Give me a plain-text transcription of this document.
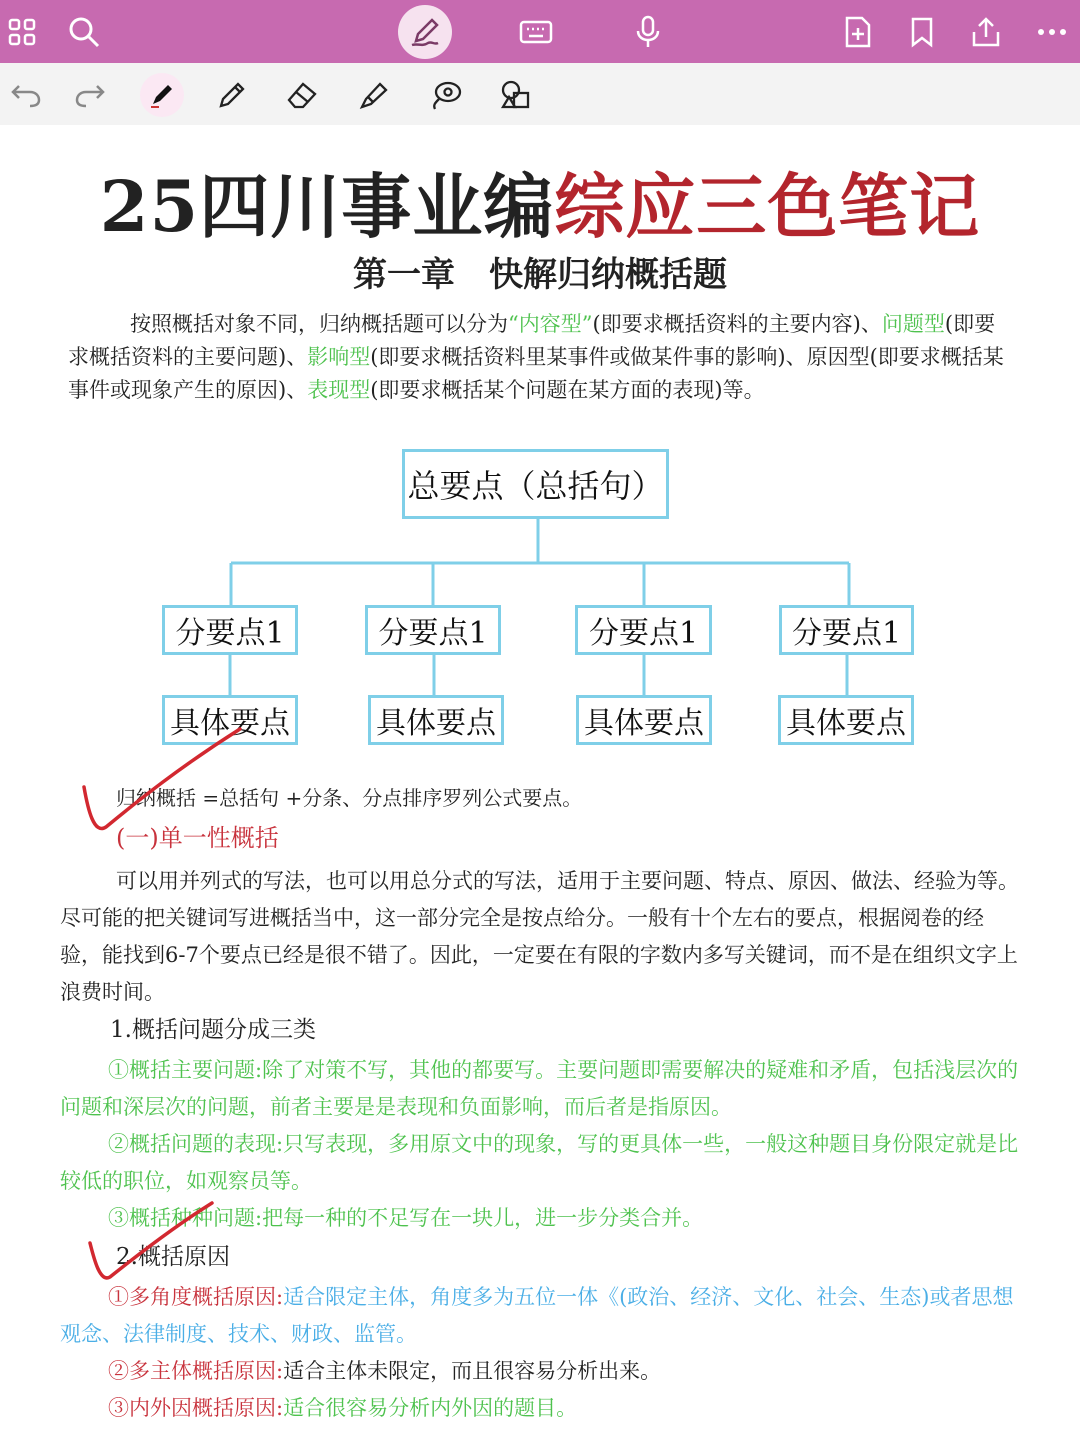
25四川事业编综应三色笔记
第一章　快解归纳概括题
按照概括对象不同，归纳概括题可以分为“内容型”(即要求概括资料的主要内容)、问题型(即要求概括资料的主要问题)、影响型(即要求概括资料里某事件或做某件事的影响)、原因型(即要求概括某事件或现象产生的原因)、表现型(即要求概括某个问题在某方面的表现)等。
总要点（总括句）
分要点1	分要点1	分要点1	分要点1
具体要点	具体要点	具体要点	具体要点
归纳概括 =总括句 +分条、分点排序罗列公式要点。
(一)单一性概括
可以用并列式的写法，也可以用总分式的写法，适用于主要问题、特点、原因、做法、经验为等。尽可能的把关键词写进概括当中，这一部分完全是按点给分。一般有十个左右的要点，根据阅卷的经验，能找到6-7个要点已经是很不错了。因此，一定要在有限的字数内多写关键词，而不是在组织文字上浪费时间。
1.概括问题分成三类
①概括主要问题:除了对策不写，其他的都要写。主要问题即需要解决的疑难和矛盾，包括浅层次的问题和深层次的问题，前者主要是是表现和负面影响，而后者是指原因。
②概括问题的表现:只写表现，多用原文中的现象，写的更具体一些，一般这种题目身份限定就是比较低的职位，如观察员等。
③概括种种问题:把每一种的不足写在一块儿，进一步分类合并。
2.概括原因
①多角度概括原因:适合限定主体，角度多为五位一体《(政治、经济、文化、社会、生态)或者思想观念、法律制度、技术、财政、监管。
②多主体概括原因:适合主体未限定，而且很容易分析出来。
③内外因概括原因:适合很容易分析内外因的题目。
